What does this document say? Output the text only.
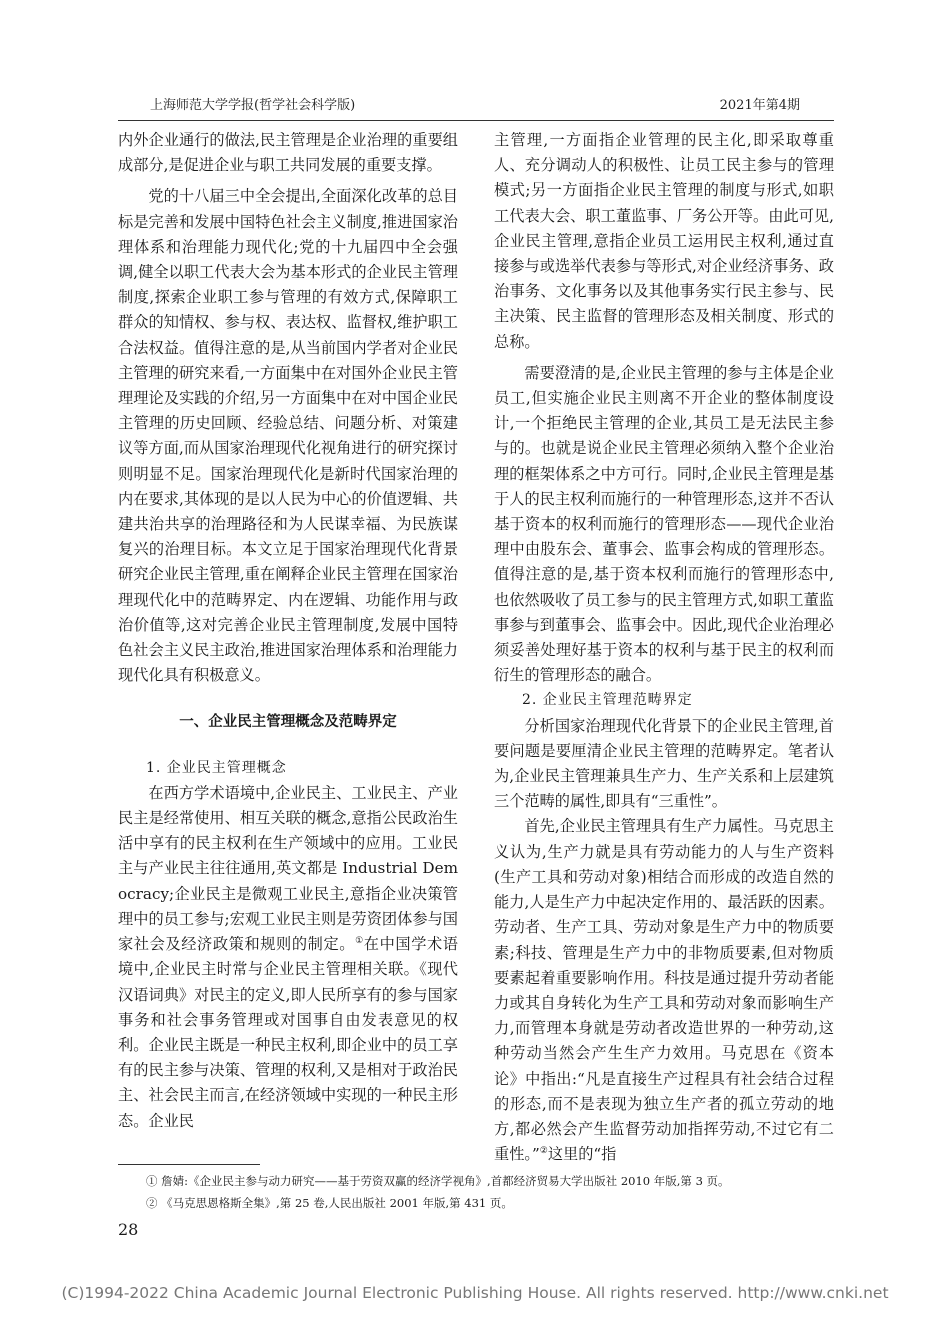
上海师范大学学报(哲学社会科学版)	2021年第4期

内外企业通行的做法,民主管理是企业治理的重要组成部分,是促进企业与职工共同发展的重要支撑。

党的十八届三中全会提出,全面深化改革的总目标是完善和发展中国特色社会主义制度,推进国家治理体系和治理能力现代化;党的十九届四中全会强调,健全以职工代表大会为基本形式的企业民主管理制度,探索企业职工参与管理的有效方式,保障职工群众的知情权、参与权、表达权、监督权,维护职工合法权益。值得注意的是,从当前国内学者对企业民主管理的研究来看,一方面集中在对国外企业民主管理理论及实践的介绍,另一方面集中在对中国企业民主管理的历史回顾、经验总结、问题分析、对策建议等方面,而从国家治理现代化视角进行的研究探讨则明显不足。国家治理现代化是新时代国家治理的内在要求,其体现的是以人民为中心的价值逻辑、共建共治共享的治理路径和为人民谋幸福、为民族谋复兴的治理目标。本文立足于国家治理现代化背景研究企业民主管理,重在阐释企业民主管理在国家治理现代化中的范畴界定、内在逻辑、功能作用与政治价值等,这对完善企业民主管理制度,发展中国特色社会主义民主政治,推进国家治理体系和治理能力现代化具有积极意义。

一、企业民主管理概念及范畴界定

1. 企业民主管理概念

在西方学术语境中,企业民主、工业民主、产业民主是经常使用、相互关联的概念,意指公民政治生活中享有的民主权利在生产领域中的应用。工业民主与产业民主往往通用,英文都是 Industrial Democracy;企业民主是微观工业民主,意指企业决策管理中的员工参与;宏观工业民主则是劳资团体参与国家社会及经济政策和规则的制定。①在中国学术语境中,企业民主时常与企业民主管理相关联。《现代汉语词典》对民主的定义,即人民所享有的参与国家事务和社会事务管理或对国事自由发表意见的权利。企业民主既是一种民主权利,即企业中的员工享有的民主参与决策、管理的权利,又是相对于政治民主、社会民主而言,在经济领域中实现的一种民主形态。企业民

主管理,一方面指企业管理的民主化,即采取尊重人、充分调动人的积极性、让员工民主参与的管理模式;另一方面指企业民主管理的制度与形式,如职工代表大会、职工董监事、厂务公开等。由此可见,企业民主管理,意指企业员工运用民主权利,通过直接参与或选举代表参与等形式,对企业经济事务、政治事务、文化事务以及其他事务实行民主参与、民主决策、民主监督的管理形态及相关制度、形式的总称。

需要澄清的是,企业民主管理的参与主体是企业员工,但实施企业民主则离不开企业的整体制度设计,一个拒绝民主管理的企业,其员工是无法民主参与的。也就是说企业民主管理必须纳入整个企业治理的框架体系之中方可行。同时,企业民主管理是基于人的民主权利而施行的一种管理形态,这并不否认基于资本的权利而施行的管理形态——现代企业治理中由股东会、董事会、监事会构成的管理形态。值得注意的是,基于资本权利而施行的管理形态中,也依然吸收了员工参与的民主管理方式,如职工董监事参与到董事会、监事会中。因此,现代企业治理必须妥善处理好基于资本的权利与基于民主的权利而衍生的管理形态的融合。

2. 企业民主管理范畴界定

分析国家治理现代化背景下的企业民主管理,首要问题是要厘清企业民主管理的范畴界定。笔者认为,企业民主管理兼具生产力、生产关系和上层建筑三个范畴的属性,即具有“三重性”。

首先,企业民主管理具有生产力属性。马克思主义认为,生产力就是具有劳动能力的人与生产资料(生产工具和劳动对象)相结合而形成的改造自然的能力,人是生产力中起决定作用的、最活跃的因素。劳动者、生产工具、劳动对象是生产力中的物质要素;科技、管理是生产力中的非物质要素,但对物质要素起着重要影响作用。科技是通过提升劳动者能力或其自身转化为生产工具和劳动对象而影响生产力,而管理本身就是劳动者改造世界的一种劳动,这种劳动当然会产生生产力效用。马克思在《资本论》中指出:“凡是直接生产过程具有社会结合过程的形态,而不是表现为独立生产者的孤立劳动的地方,都必然会产生监督劳动加指挥劳动,不过它有二重性。”②这里的“指

① 詹婧:《企业民主参与动力研究——基于劳资双赢的经济学视角》,首都经济贸易大学出版社 2010 年版,第 3 页。
② 《马克思恩格斯全集》,第 25 卷,人民出版社 2001 年版,第 431 页。
28
(C)1994-2022 China Academic Journal Electronic Publishing House. All rights reserved. http://www.cnki.net
